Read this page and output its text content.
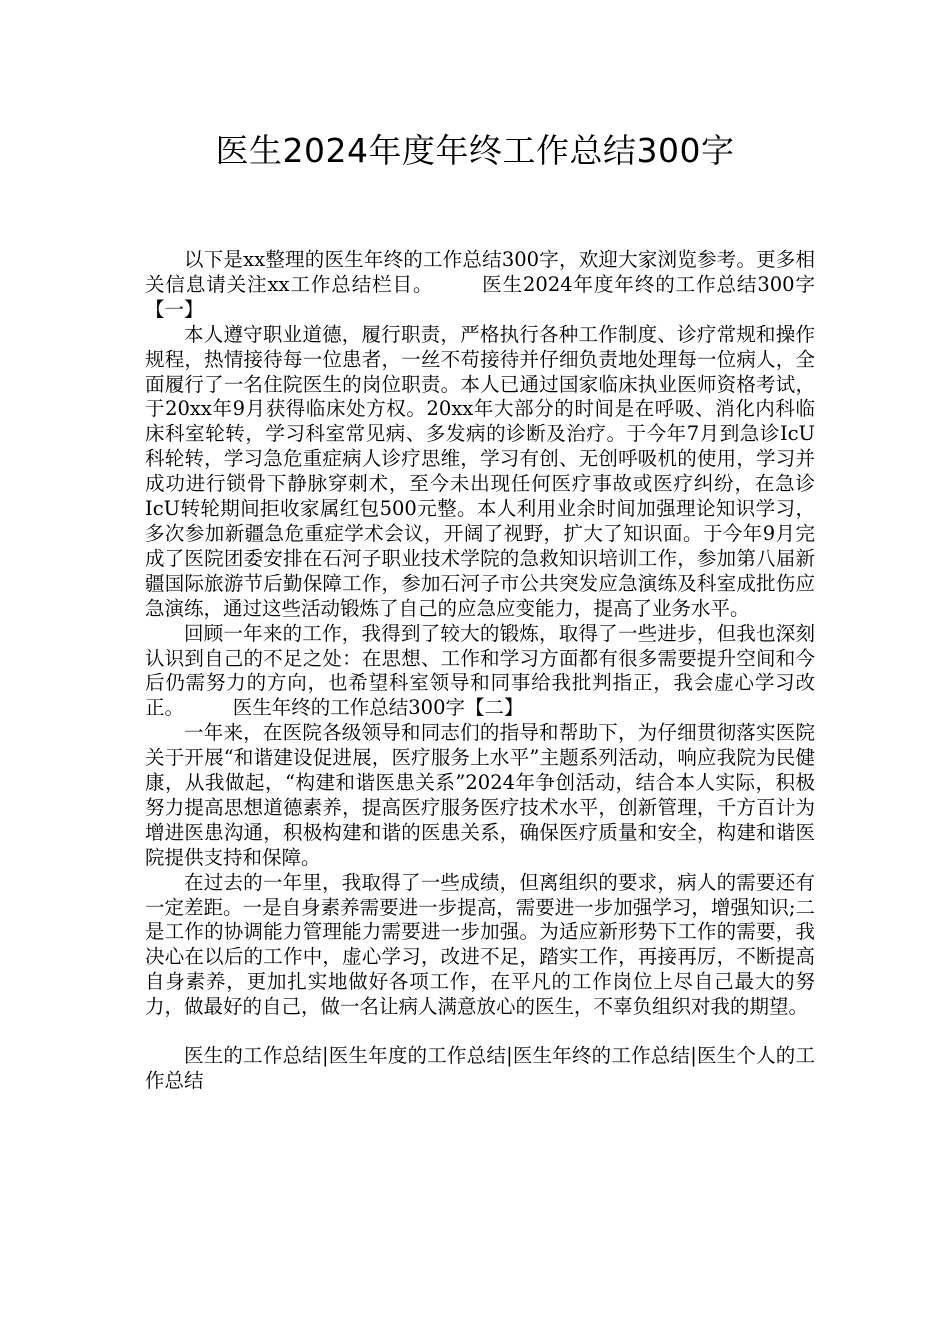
医生2024年度年终工作总结300字

以下是xx整理的医生年终的工作总结300字，欢迎大家浏览参考。更多相关信息请关注xx工作总结栏目。	医生2024年度年终的工作总结300字【一】

本人遵守职业道德，履行职责，严格执行各种工作制度、诊疗常规和操作规程，热情接待每一位患者，一丝不苟接待并仔细负责地处理每一位病人，全面履行了一名住院医生的岗位职责。本人已通过国家临床执业医师资格考试，于20xx年9月获得临床处方权。20xx年大部分的时间是在呼吸、消化内科临床科室轮转，学习科室常见病、多发病的诊断及治疗。于今年7月到急诊IcU科轮转，学习急危重症病人诊疗思维，学习有创、无创呼吸机的使用，学习并成功进行锁骨下静脉穿刺术，至今未出现任何医疗事故或医疗纠纷，在急诊IcU转轮期间拒收家属红包500元整。本人利用业余时间加强理论知识学习，多次参加新疆急危重症学术会议，开阔了视野，扩大了知识面。于今年9月完成了医院团委安排在石河子职业技术学院的急救知识培训工作，参加第八届新疆国际旅游节后勤保障工作，参加石河子市公共突发应急演练及科室成批伤应急演练，通过这些活动锻炼了自己的应急应变能力，提高了业务水平。

回顾一年来的工作，我得到了较大的锻炼，取得了一些进步，但我也深刻认识到自己的不足之处：在思想、工作和学习方面都有很多需要提升空间和今后仍需努力的方向，也希望科室领导和同事给我批判指正，我会虚心学习改正。	医生年终的工作总结300字【二】

一年来，在医院各级领导和同志们的指导和帮助下，为仔细贯彻落实医院关于开展“和谐建设促进展，医疗服务上水平”主题系列活动，响应我院为民健康，从我做起，“构建和谐医患关系”2024年争创活动，结合本人实际，积极努力提高思想道德素养，提高医疗服务医疗技术水平，创新管理，千方百计为增进医患沟通，积极构建和谐的医患关系，确保医疗质量和安全，构建和谐医院提供支持和保障。

在过去的一年里，我取得了一些成绩，但离组织的要求，病人的需要还有一定差距。一是自身素养需要进一步提高，需要进一步加强学习，增强知识;二是工作的协调能力管理能力需要进一步加强。为适应新形势下工作的需要，我决心在以后的工作中，虚心学习，改进不足，踏实工作，再接再厉，不断提高自身素养，更加扎实地做好各项工作，在平凡的工作岗位上尽自己最大的努力，做最好的自己，做一名让病人满意放心的医生，不辜负组织对我的期望。

医生的工作总结|医生年度的工作总结|医生年终的工作总结|医生个人的工作总结
